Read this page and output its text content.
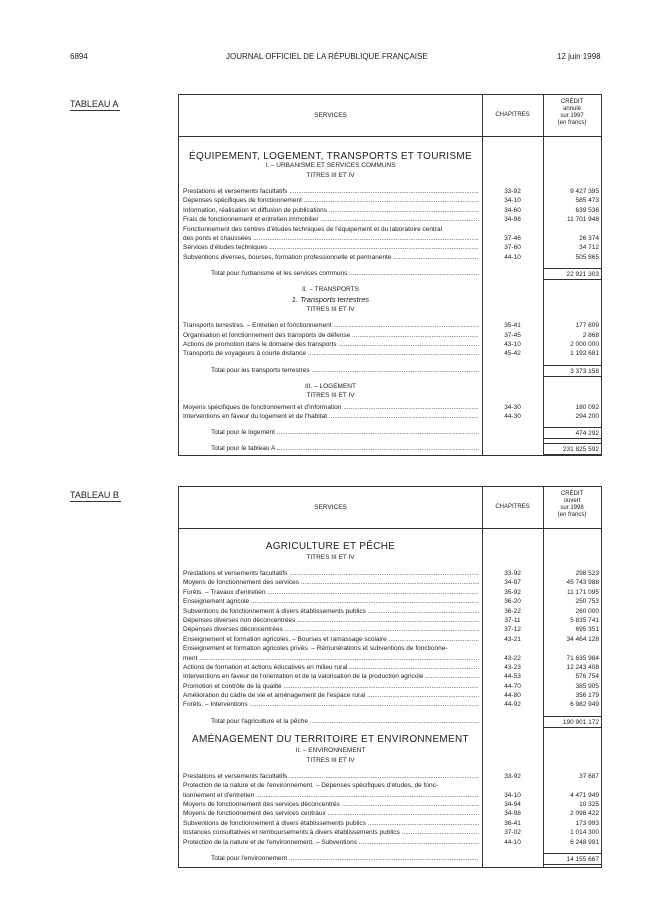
6894	JOURNAL OFFICIEL DE LA RÉPUBLIQUE FRANÇAISE	12 juin 1998
TABLEAU A
SERVICES	CHAPITRES
CRÉDIT
annulé
sur 1997
(en francs)
ÉQUIPEMENT, LOGEMENT, TRANSPORTS ET TOURISME
I. – URBANISME ET SERVICES COMMUNS
TITRES III ET IV
Prestations et versements facultatifs .....	33-92	9 427 395
Dépenses spécifiques de fonctionnement .....	34-10	585 473
Information, réalisation et diffusion de publications .....	34-60	639 536
Frais de fonctionnement et entretien immobilier .....	34-98	11 701 948
Fonctionnement des centres d'études techniques de l'équipement et du laboratoire central
des ponts et chaussées .....	37-46	26 374
Services d'études techniques .....	37-60	34 712
Subventions diverses, bourses, formation professionnelle et permanente .....	44-10	505 865
Total pour l'urbanisme et les services communs .....	22 921 303
II. – TRANSPORTS
1. Transports terrestres
TITRES III ET IV
Transports terrestres. – Entretien et fonctionnement .....	35-41	177 609
Organisation et fonctionnement des transports de défense .....	37-45	2 868
Actions de promotion dans le domaine des transports .....	43-10	2 000 000
Transports de voyageurs à courte distance .....	45-42	1 192 681
Total pour les transports terrestres .....	3 373 158
III. – LOGEMENT
TITRES III ET IV
Moyens spécifiques de fonctionnement et d'information .....	34-30	180 092
Interventions en faveur du logement et de l'habitat .....	44-30	294 200
Total pour le logement .....	474 292
Total pour le tableau A .....	231 825 592
TABLEAU B
SERVICES	CHAPITRES
CRÉDIT
ouvert
sur 1998
(en francs)
AGRICULTURE ET PÊCHE
TITRES III ET IV
Prestations et versements facultatifs .....	33-92	298 523
Moyens de fonctionnement des services .....	34-97	45 743 988
Forêts. – Travaux d'entretien .....	35-92	11 171 095
Enseignement agricole .....	36-20	250 753
Subventions de fonctionnement à divers établissements publics .....	36-22	260 000
Dépenses diverses non déconcentrées .....	37-11	5 835 741
Dépenses diverses déconcentrées .....	37-12	695 351
Enseignement et formation agricoles. – Bourses et ramassage scolaire .....	43-21	34 464 128
Enseignement et formation agricoles privés. – Rémunérations et subventions de fonctionne-
ment .....	43-22	71 635 984
Actions de formation et actions éducatives en milieu rural .....	43-23	12 243 408
Interventions en faveur de l'orientation et de la valorisation de la production agricole .....	44-53	576 754
Promotion et contrôle de la qualité .....	44-70	385 905
Amélioration du cadre de vie et aménagement de l'espace rural .....	44-80	356 179
Forêts. – Interventions .....	44-92	6 982 949
Total pour l'agriculture et la pêche .....	190 901 172
AMÉNAGEMENT DU TERRITOIRE ET ENVIRONNEMENT
II. – ENVIRONNEMENT
TITRES III ET IV
Prestations et versements facultatifs .....	33-92	37 687
Protection de la nature et de l'environnement. – Dépenses spécifiques d'études, de fonc-
tionnement et d'entretien .....	34-10	4 471 949
Moyens de fonctionnement des services déconcentrés .....	34-94	10 325
Moyens de fonctionnement des services centraux .....	34-98	2 098 422
Subventions de fonctionnement à divers établissements publics .....	36-41	173 993
Instances consultatives et remboursements à divers établissements publics .....	37-02	1 014 300
Protection de la nature et de l'environnement. – Subventions .....	44-10	6 248 991
Total pour l'environnement .....	14 155 667
